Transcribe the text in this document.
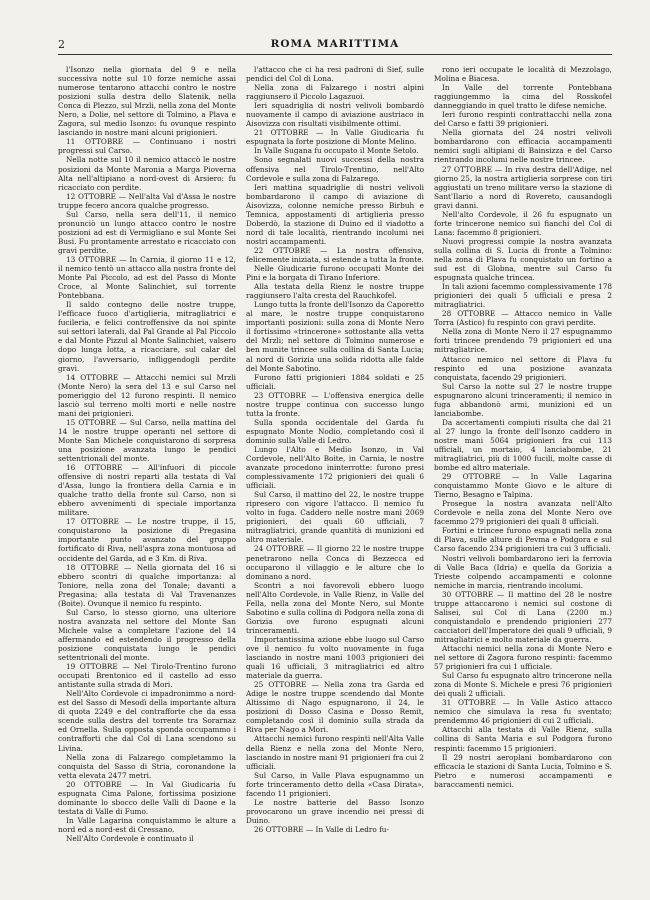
2	ROMA MARITTIMA

l'Isonzo nella giornata del 9 e nella successiva notte sul 10 forze nemiche assai numerose tentarono attacchi contro le nostre posizioni sulla destra dello Slatenik, nella Conca di Plezzo, sul Mrzli, nella zona del Monte Nero, a Dolie, nel settore di Tolmino, a Plava e Zagora, sul medio Isonzo: fu ovunque respinto lasciando in nostre mani alcuni prigionieri.

11 OTTOBRE — Continuano i nostri progressi sul Carso.

Nella notte sul 10 il nemico attaccò le nostre posizioni da Monte Maronia a Marga Pioverna Alta nell'altipiano a nord-ovest di Arsiero: fu ricacciato con perdite.

12 OTTOBRE — Nell'alta Val d'Assa le nostre truppe fecero ancora qualche progresso.

Sul Carso, nella sera dell'11, il nemico pronunciò un lungo attacco contro le nostre posizioni ad est di Vermigliano e sul Monte Sei Busi. Fu prontamente arrestato e ricacciato con gravi perdite.

13 OTTOBRE — In Carnia, il giorno 11 e 12, il nemico tentò un attacco alla nostra fronte del Monte Pal Piccolo, ad est del Passo di Monte Croce, al Monte Salinchiet, sul torrente Pontebbana.

Il saldo contegno delle nostre truppe, l'efficace fuoco d'artiglieria, mitragliatrici e fucileria, e felici controffensive da noi spinte sui settori laterali, dal Pal Grande al Pal Piccolo e dal Monte Pizzul al Monte Salinchiet, valsero dopo lunga lotta, a ricacciare, sul calar del giorno, l'avversario, infliggendogli perdite gravi.

14 OTTOBRE — Attacchi nemici sul Mrzli (Monte Nero) la sera del 13 e sul Carso nel pomeriggio del 12 furono respinti. Il nemico lasciò sul terreno molti morti e nelle nostre mani dei prigionieri.

15 OTTOBRE — Sul Carso, nella mattina del 14 le nostre truppe operanti nel settore di Monte San Michele conquistarono di sorpresa una posizione avanzata lungo le pendici settentrionali del monte.

16 OTTOBRE — All'infuori di piccole offensive di nostri reparti alla testata di Val d'Assa, lungo la frontiera della Carnia e in qualche tratto della fronte sul Carso, non si ebbero avvenimenti di speciale importanza militare.

17 OTTOBRE — Le nostre truppe, il 15, conquistarono la posizione di Pregasina importante punto avanzato del gruppo fortificato di Riva, nell'aspra zona montuosa ad occidente del Garda, ad e 3 Km. di Riva.

18 OTTOBRE — Nella giornata del 16 si ebbero scontri di qualche importanza: al Toniore, nella zona del Tonale; davanti a Pregasina; alla testata di Val Travenanzes (Boite). Ovunque il nemico fu respinto.

Sul Carso, lo stesso giorno, una ulteriore nostra avanzata nel settore del Monte San Michele valse a completare l'azione del 14 affermando ed estendendo il progresso della posizione conquistata lungo le pendici settentrionali del monte.

19 OTTOBRE — Nel Tirolo-Trentino furono occupati Brentonico ed il castello ad esso antistante sulla strada di Mori.

Nell'Alto Cordevole ci impadronimmo a nord-est del Sasso di Mesodì della importante altura di quota 2249 e del contrafforte che da essa scende sulla destra del torrente tra Sorarnaz ed Ornella. Sulla opposta sponda occupammo i contrafforti che dal Col di Lana scendono su Livina.

Nella zona di Falzarego completammo la conquista del Sasso di Stria, coronandone la vetta elevata 2477 metri.

20 OTTOBRE — In Val Giudicaria fu espugnata Cima Palone, fortissima posizione dominante lo sbocco delle Valli di Daone e la testata di Valle di Fumo.

In Valle Lagarina conquistammo le alture a nord ed a nord-est di Cressano.

Nell'Alto Cordevole è continuato il

l'attacco che ci ha resi padroni di Sief, sulle pendici del Col di Lona.

Nella zona di Falzarego i nostri alpini raggiunsero il Piccolo Lagazuoi.

Ieri squadriglia di nostri velivoli bombardò nuovamente il campo di aviazione austriaco in Aisovizza con risultati visibilmente ottimi.

21 OTTOBRE — In Valle Giudicaria fu espugnata la forte posizione di Monte Melino.

In Valle Sugana fu occupato il Monte Setolo.

Sono segnalati nuovi successi della nostra offensiva nel Tirolo-Trentino, nell'Alto Cordevole e sulla zona di Falzarego.

Ieri mattina squadriglie di nostri velivoli bombardarono il campo di aviazione di Aisovizza, colonne nemiche presso Birbuh e Temnica, appostamenti di artiglieria presso Doberdò, la stazione di Duino ed il viadotto a nord di tale località, rientrando incolumi nei nostri accampamenti.

22 OTTOBRE — La nostra offensiva, felicemente iniziata, si estende a tutta la fronte.

Nelle Giudicarie furono occupati Monte dei Pini e la borgata di Tirano Inferiore.

Alla testata della Rienz le nostre truppe raggiunsero l'alta cresta del Rauchkofel.

Lungo tutta la fronte dell'Isonzo da Caporetto al mare, le nostre truppe conquistarono importanti posizioni: sulla zona di Monte Nero il fortissimo «trincerone» sottostante alla vetta del Mrzli; nel settore di Tolmino numerose e ben munite trincee sulla collina di Santa Lucia; al nord di Gorizia una solida ridotta alle falde del Monte Sabotino.

Furono fatti prigionieri 1884 soldati e 25 ufficiali.

23 OTTOBRE — L'offensiva energica delle nostre truppe continua con successo lungo tutta la fronte.

Sulla sponda occidentale del Garda fu espugnato Monte Nodio, completando così il dominio sulla Valle di Ledro.

Lungo l'Alto e Medio Isonzo, in Val Cordevole, nell'Alto Boite, in Carnia, le nostre avanzate procedono ininterrotte: furono presi complessivamente 172 prigionieri dei quali 6 ufficiali.

Sul Carso, il mattino del 22, le nostre truppe ripresero con vigore l'attacco. Il nemico fu volto in fuga. Caddero nelle nostre mani 2069 prigionieri, dei quali 60 ufficiali, 7 mitragliatrici, grande quantità di munizioni ed altro materiale.

24 OTTOBRE — Il giorno 22 le nostre truppe penetrarono nella Conca di Bezzecca ed occuparono il villaggio e le alture che lo dominano a nord.

Scontri a noi favorevoli ebbero luogo nell'Alto Cordevole, in Valle Rienz, in Valle del Fella, nella zona del Monte Nero, sul Monte Sabotino e sulla collina di Podgora nella zona di Gorizia ove furono espugnati alcuni trinceramenti.

Importantissima azione ebbe luogo sul Carso ove il nemico fu volto nuovamente in fuga lasciando in nostre mani 1003 prigionieri dei quali 16 ufficiali, 3 mitragliatrici ed altro materiale da guerra.

25 OTTOBRE — Nella zona tra Garda ed Adige le nostre truppe scendendo dal Monte Altissimo di Nago espugnarono, il 24, le posizioni di Dosso Casina e Dosso Remit, completando così il dominio sulla strada da Riva per Nago a Mori.

Attacchi nemici furono respinti nell'Alta Valle della Rienz e nella zona del Monte Nero, lasciando in nostre mani 91 prigionieri fra cui 2 ufficiali.

Sul Carso, in Valle Plava espugnammo un forte trinceramento detto della «Casa Dirata», facendo 11 prigionieri.

Le nostre batterie del Basso Isonzo provocarono un grave incendio nei pressi di Duino.

26 OTTOBRE — In Valle di Ledro fu-

rono ieri occupate le località di Mezzolago, Molina e Biacesa.

In Valle del torrente Pontebbana raggiungemmo la cima del Rosskofel danneggiando in quel tratto le difese nemiche.

Ieri furono respinti contrattacchi nella zona del Carso e fatti 39 prigionieri.

Nella giornata del 24 nostri velivoli bombardarono con efficacia accampamenti nemici sugli altipiani di Bainsizza e del Carso rientrando incolumi nelle nostre trincee.

27 OTTOBRE — In riva destra dell'Adige, nel giorno 25, la nostra artiglieria sorprese con tiri aggiustati un treno militare verso la stazione di Sant'Ilario a nord di Rovereto, causandogli gravi danni.

Nell'alto Cordevole, il 26 fu espugnato un forte trincerone nemico sui fianchi del Col di Lana: facemmo 8 prigionieri.

Nuovi progressi compie la nostra avanzata sulla collina di S. Lucia di fronte a Tolmino: nella zona di Plava fu conquistato un fortino a sud est di Globna, mentre sul Carso fu espugnata qualche trincea.

In tali azioni facemmo complessivamente 178 prigionieri dei quali 5 ufficiali e presa 2 mitragliatrici.

28 OTTOBRE — Attacco nemico in Valle Torra (Astico) fu respinto con gravi perdite.

Nella zona di Monte Nero il 27 espugnammo forti trincee prendendo 79 prigionieri ed una mitragliatrice.

Attacco nemico nel settore di Plava fu respinto ed una posizione avanzata conquistata, facendo 29 prigionieri.

Sul Carso la notte sul 27 le nostre truppe espugnarono alcuni trinceramenti; il nemico in fuga abbandonò armi, munizioni ed un lanciabombe.

Da accertamenti compiuti risulta che dal 21 al 27 lungo la fronte dell'Isonzo caddero in nostre mani 5064 prigionieri fra cui 113 ufficiali, un mortaio, 4 lanciabombe, 21 mitragliatrici, più di 1000 fucili, molte casse di bombe ed altro materiale.

29 OTTOBRE — In Valle Lagarina conquistammo Monte Giovo e le alture di Tierno, Besagno e Talpina.

Prosegue la nostra avanzata nell'Alto Cordevole e nella zona del Monte Nero ove facemmo 279 prigionieri dei quali 8 ufficiali.

Fortini e trincee furono espugnati nella zona di Plava, sulle alture di Pevma e Podgora e sul Carso facendo 234 prigionieri tra cui 3 ufficiali.

Nostri velivoli bombardarono ieri la ferrovia di Valle Baca (Idria) e quella da Gorizia a Trieste colpendo accampamenti e colonne nemiche in marcia, rientrando incolumi.

30 OTTOBRE — Il mattino del 28 le nostre truppe attaccarono i nemici sul costone di Salisei, sul Col di Lana (2200 m.) conquistandolo e prendendo prigionieri 277 cacciatori dell'Imperatore dei quali 9 ufficiali, 9 mitragliatrici e molto materiale da guerra.

Attacchi nemici nella zona di Monte Nero e nel settore di Zagora furono respinti: facemmo 57 prigionieri fra cui 1 ufficiale.

Sul Carso fu espugnato altro trincerone nella zona di Monte S. Michele e presi 76 prigionieri dei quali 2 ufficiali.

31 OTTOBRE — In Valle Astico attacco nemico che simulava la resa fu sventato; prendemmo 46 prigionieri di cui 2 ufficiali.

Attacchi alla testata di Valle Rienz, sulla collina di Santa Maria e sul Podgora furono respinti: facemmo 15 prigionieri.

Il 29 nostri aeroplani bombardarono con efficacia le stazioni di Santa Lucia, Tolmino e S. Pietro e numerosi accampamenti e baraccamenti nemici.
